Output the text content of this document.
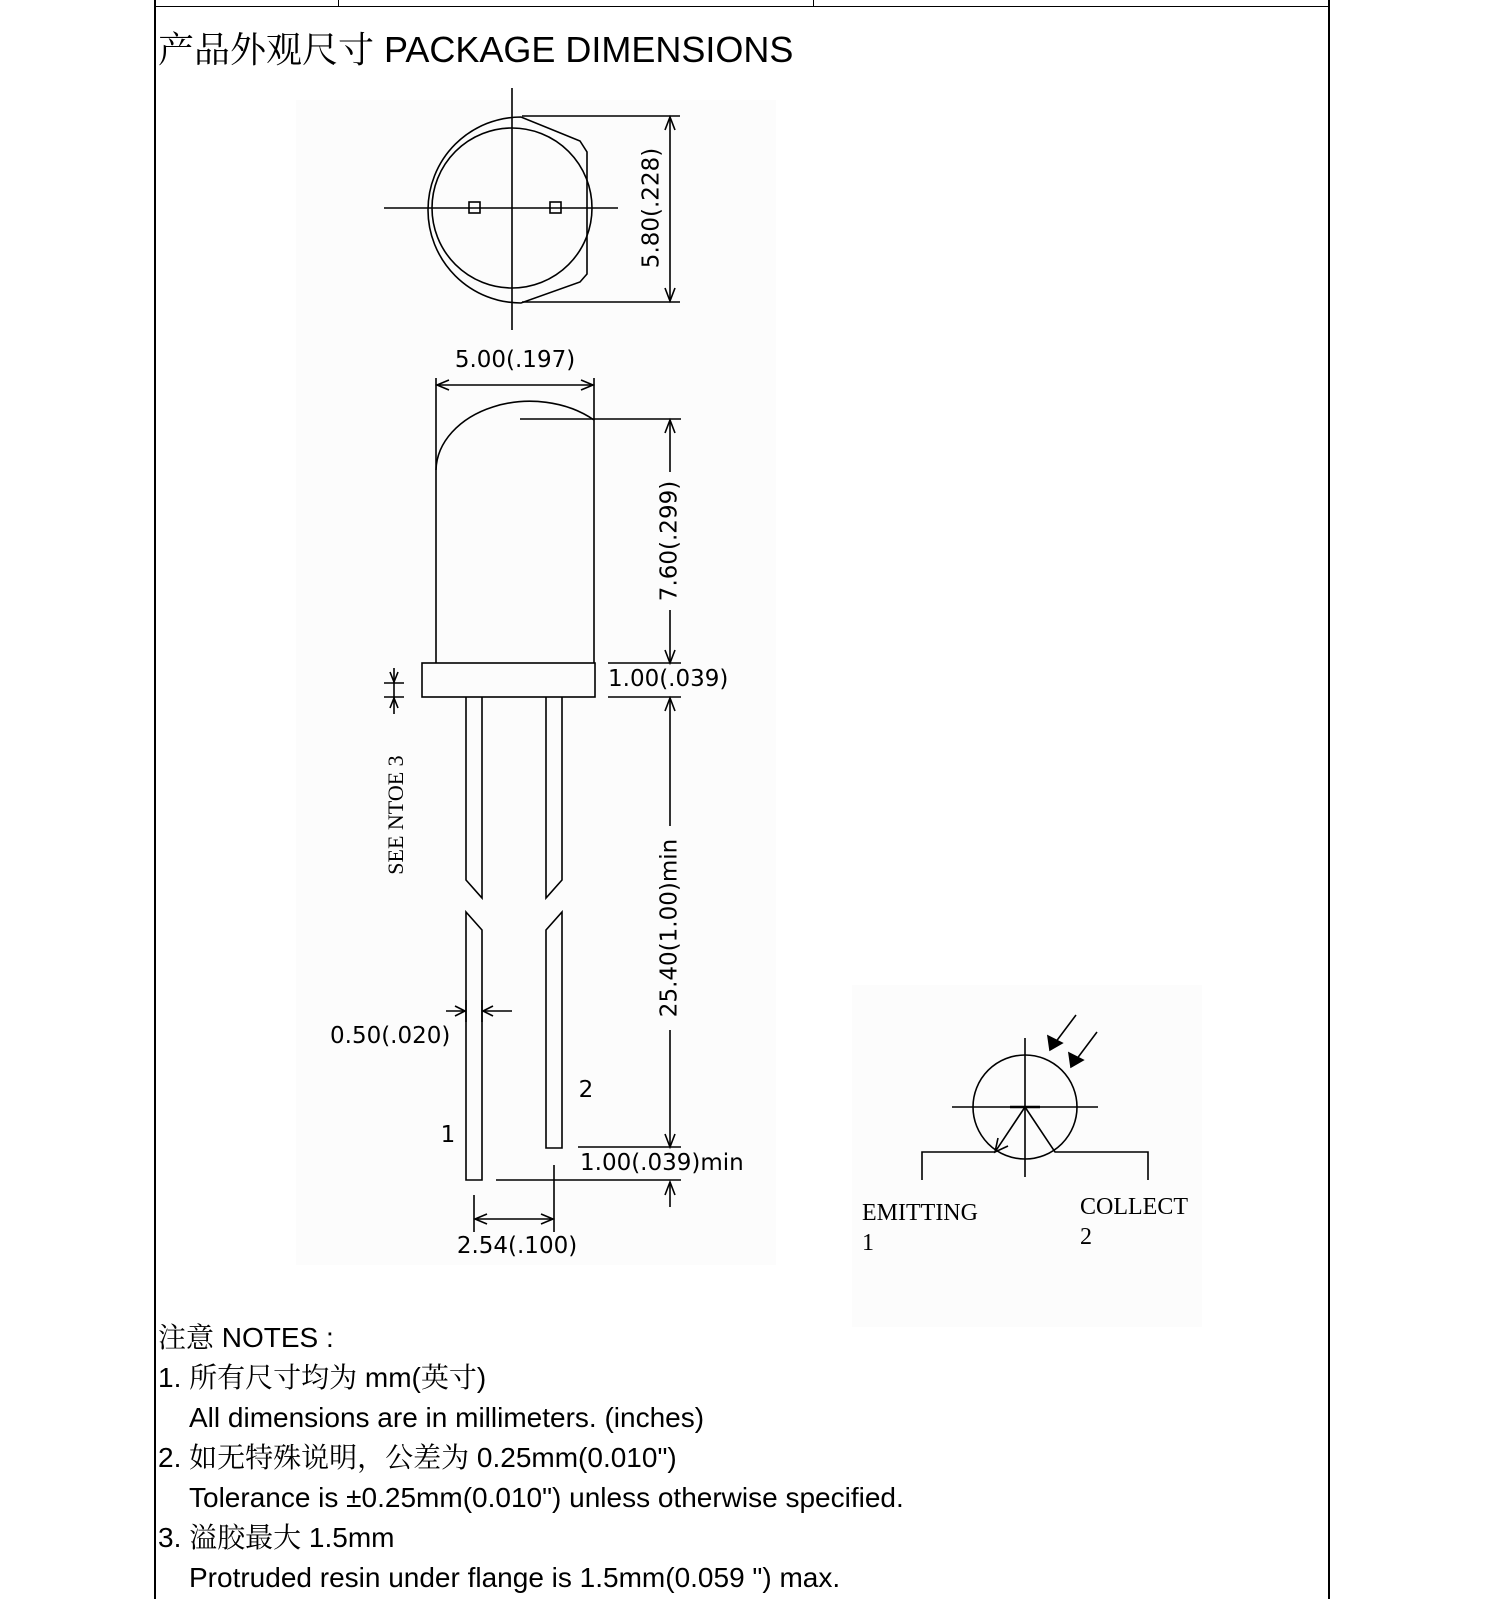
产品外观尺寸 PACKAGE DIMENSIONS
5.80(.228)
5.00(.197)
7.60(.299)
1.00(.039)
25.40(1.00)min
0.50(.020)
1.00(.039)min
2.54(.100)
SEE NTOE 3
1
2
EMITTING
1
COLLECT
2
注意 NOTES :
1. 所有尺寸均为 mm(英寸)
All dimensions are in millimeters. (inches)
2. 如无特殊说明，公差为 0.25mm(0.010")
Tolerance is ±0.25mm(0.010") unless otherwise specified.
3. 溢胶最大 1.5mm
Protruded resin under flange is 1.5mm(0.059 ") max.
